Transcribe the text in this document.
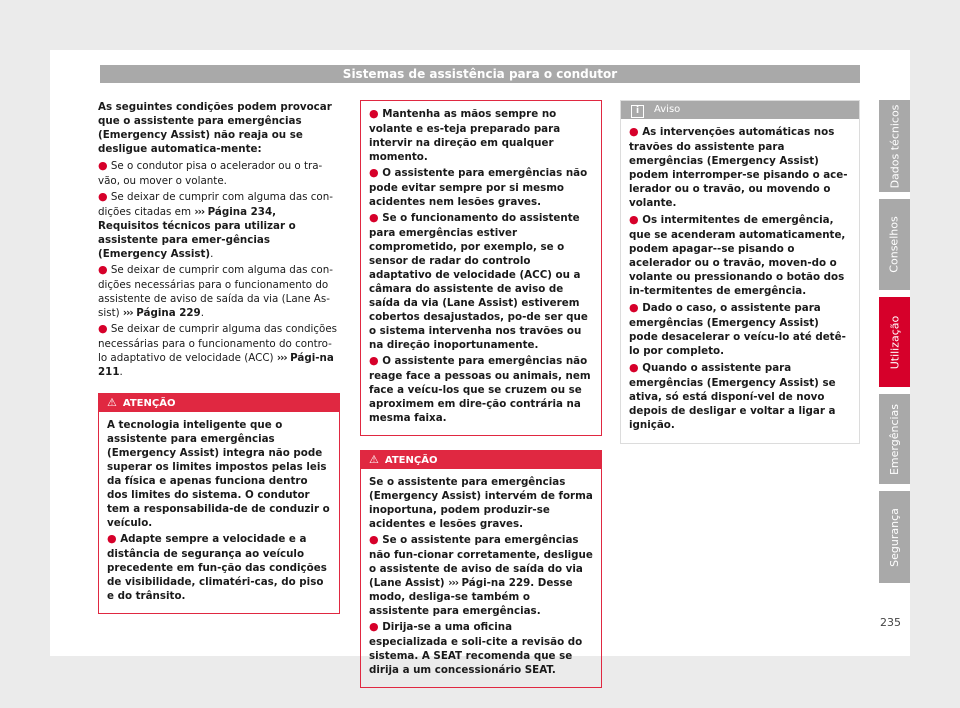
Sistemas de assistência para o condutor

As seguintes condições podem provocar que o assistente para emergências (Emergency Assist) não reaja ou se desligue automatica-mente:

● Se o condutor pisa o acelerador ou o tra-vão, ou mover o volante.

● Se deixar de cumprir com alguma das con-dições citadas em ››› Página 234, Requisitos técnicos para utilizar o assistente para emer-gências (Emergency Assist).

● Se deixar de cumprir com alguma das con-dições necessárias para o funcionamento do assistente de aviso de saída da via (Lane As-sist) ››› Página 229.

● Se deixar de cumprir alguma das condições necessárias para o funcionamento do contro-lo adaptativo de velocidade (ACC) ››› Pági-na 211.

⚠ ATENÇÃO

A tecnologia inteligente que o assistente para emergências (Emergency Assist) integra não pode superar os limites impostos pelas leis da física e apenas funciona dentro dos limites do sistema. O condutor tem a responsabilida-de de conduzir o veículo.

● Adapte sempre a velocidade e a distância de segurança ao veículo precedente em fun-ção das condições de visibilidade, climatéri-cas, do piso e do trânsito.

● Mantenha as mãos sempre no volante e es-teja preparado para intervir na direção em qualquer momento.

● O assistente para emergências não pode evitar sempre por si mesmo acidentes nem lesões graves.

● Se o funcionamento do assistente para emergências estiver comprometido, por exemplo, se o sensor de radar do controlo adaptativo de velocidade (ACC) ou a câmara do assistente de aviso de saída da via (Lane Assist) estiverem cobertos desajustados, po-de ser que o sistema intervenha nos travões ou na direção inoportunamente.

● O assistente para emergências não reage face a pessoas ou animais, nem face a veícu-los que se cruzem ou se aproximem em dire-ção contrária na mesma faixa.

⚠ ATENÇÃO

Se o assistente para emergências (Emergency Assist) intervém de forma inoportuna, podem produzir-se acidentes e lesões graves.

● Se o assistente para emergências não fun-cionar corretamente, desligue o assistente de aviso de saída do via (Lane Assist) ››› Pági-na 229. Desse modo, desliga-se também o assistente para emergências.

● Dirija-se a uma oficina especializada e soli-cite a revisão do sistema. A SEAT recomenda que se dirija a um concessionário SEAT.

i Aviso

● As intervenções automáticas nos travões do assistente para emergências (Emergency Assist) podem interromper-se pisando o ace-lerador ou o travão, ou movendo o volante.

● Os intermitentes de emergência, que se acenderam automaticamente, podem apagar--se pisando o acelerador ou o travão, moven-do o volante ou pressionando o botão dos in-termitentes de emergência.

● Dado o caso, o assistente para emergências (Emergency Assist) pode desacelerar o veícu-lo até detê-lo por completo.

● Quando o assistente para emergências (Emergency Assist) se ativa, só está disponí-vel de novo depois de desligar e voltar a ligar a ignição.

Dados técnicos
Conselhos
Utilização
Emergências
Segurança
235
